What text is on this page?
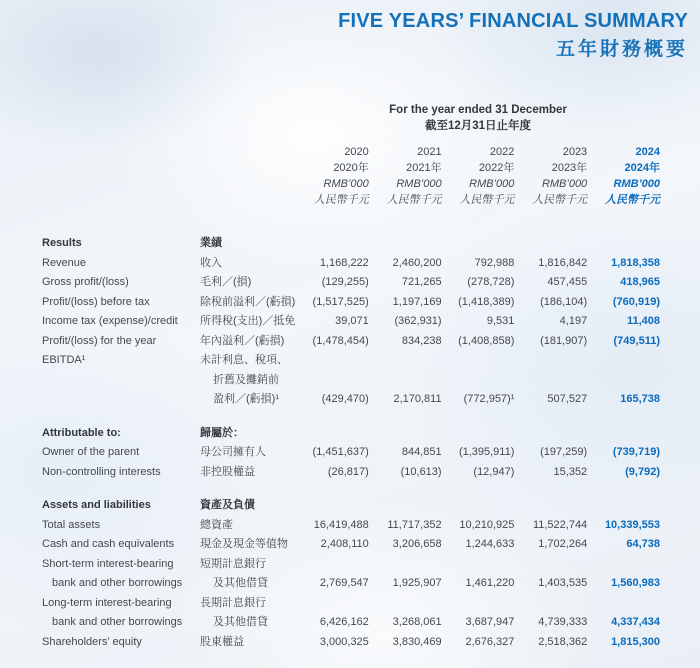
FIVE YEARS’ FINANCIAL SUMMARY
五年財務概要
For the year ended 31 December
截至12月31日止年度
2020	2021	2022	2023	2024
2020年	2021年	2022年	2023年	2024年
RMB’000	RMB’000	RMB’000	RMB’000	RMB’000
人民幣千元	人民幣千元	人民幣千元	人民幣千元	人民幣千元
Results	業績
Revenue	收入	1,168,222	2,460,200	792,988	1,816,842	1,818,358
Gross profit/(loss)	毛利／(損)	(129,255)	721,265	(278,728)	457,455	418,965
Profit/(loss) before tax	除稅前溢利／(虧損)	(1,517,525)	1,197,169	(1,418,389)	(186,104)	(760,919)
Income tax (expense)/credit	所得稅(支出)／抵免	39,071	(362,931)	9,531	4,197	11,408
Profit/(loss) for the year	年內溢利／(虧損)	(1,478,454)	834,238	(1,408,858)	(181,907)	(749,511)
EBITDA¹	未計利息、稅項、
折舊及攤銷前
盈利／(虧損)¹	(429,470)	2,170,811	(772,957)¹	507,527	165,738
Attributable to:	歸屬於：
Owner of the parent	母公司擁有人	(1,451,637)	844,851	(1,395,911)	(197,259)	(739,719)
Non-controlling interests	非控股權益	(26,817)	(10,613)	(12,947)	15,352	(9,792)
Assets and liabilities	資產及負債
Total assets	總資產	16,419,488	11,717,352	10,210,925	11,522,744	10,339,553
Cash and cash equivalents	現金及現金等值物	2,408,110	3,206,658	1,244,633	1,702,264	64,738
Short-term interest-bearing	短期計息銀行
bank and other borrowings	及其他借貸	2,769,547	1,925,907	1,461,220	1,403,535	1,560,983
Long-term interest-bearing	長期計息銀行
bank and other borrowings	及其他借貸	6,426,162	3,268,061	3,687,947	4,739,333	4,337,434
Shareholders’ equity	股東權益	3,000,325	3,830,469	2,676,327	2,518,362	1,815,300
